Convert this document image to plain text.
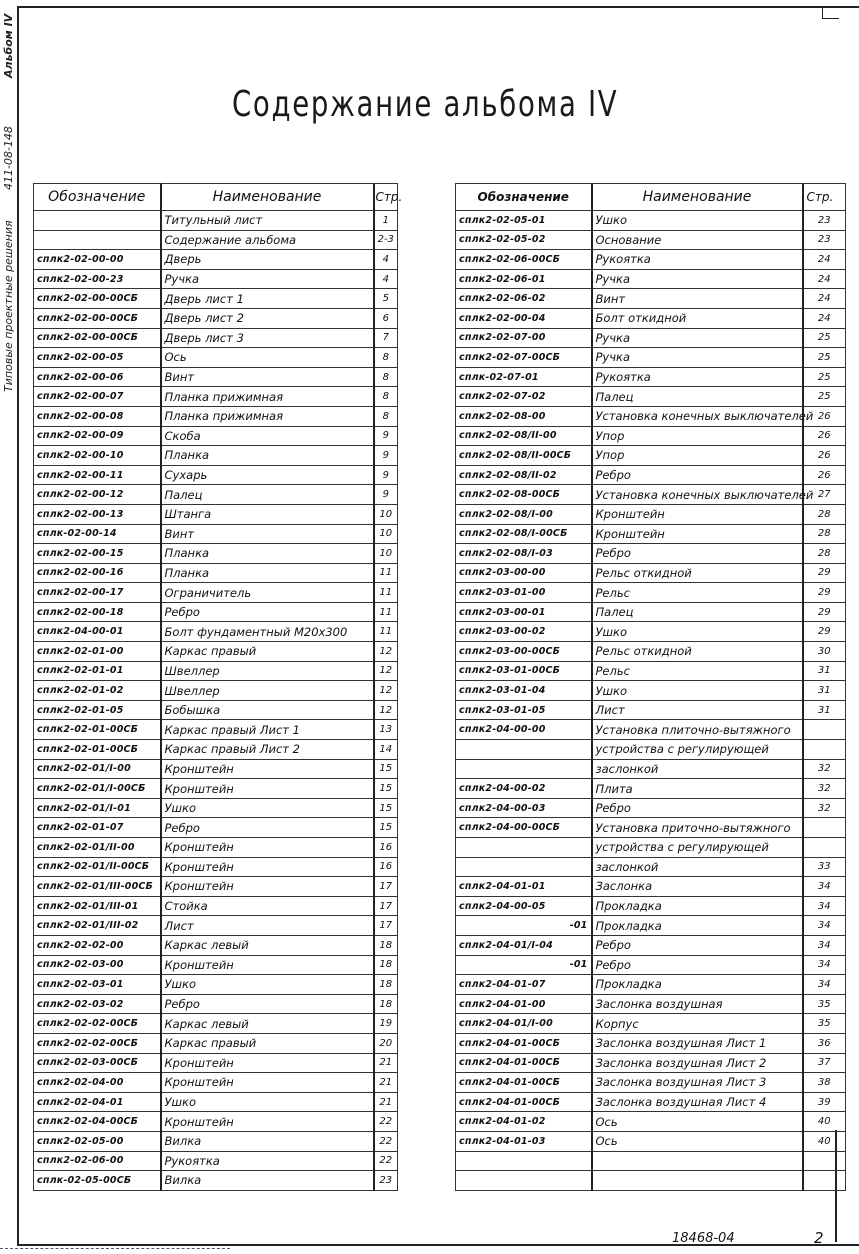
Типовые проектные решения
411-08-148
Альбом IV
Содержание альбома IV
Обозначение	Наименование	Стр.
	Титульный лист	1
	Содержание альбома	2-3
сплк2-02-00-00	Дверь	4
сплк2-02-00-23	Ручка	4
сплк2-02-00-00СБ	Дверь лист 1	5
сплк2-02-00-00СБ	Дверь лист 2	6
сплк2-02-00-00СБ	Дверь лист 3	7
сплк2-02-00-05	Ось	8
сплк2-02-00-06	Винт	8
сплк2-02-00-07	Планка прижимная	8
сплк2-02-00-08	Планка прижимная	8
сплк2-02-00-09	Скоба	9
сплк2-02-00-10	Планка	9
сплк2-02-00-11	Сухарь	9
сплк2-02-00-12	Палец	9
сплк2-02-00-13	Штанга	10
сплк-02-00-14	Винт	10
сплк2-02-00-15	Планка	10
сплк2-02-00-16	Планка	11
сплк2-02-00-17	Ограничитель	11
сплк2-02-00-18	Ребро	11
сплк2-04-00-01	Болт фундаментный М20х300	11
сплк2-02-01-00	Каркас правый	12
сплк2-02-01-01	Швеллер	12
сплк2-02-01-02	Швеллер	12
сплк2-02-01-05	Бобышка	12
сплк2-02-01-00СБ	Каркас правый Лист 1	13
сплк2-02-01-00СБ	Каркас правый Лист 2	14
сплк2-02-01/I-00	Кронштейн	15
сплк2-02-01/I-00СБ	Кронштейн	15
сплк2-02-01/I-01	Ушко	15
сплк2-02-01-07	Ребро	15
сплк2-02-01/II-00	Кронштейн	16
сплк2-02-01/II-00СБ	Кронштейн	16
сплк2-02-01/III-00СБ	Кронштейн	17
сплк2-02-01/III-01	Стойка	17
сплк2-02-01/III-02	Лист	17
сплк2-02-02-00	Каркас левый	18
сплк2-02-03-00	Кронштейн	18
сплк2-02-03-01	Ушко	18
сплк2-02-03-02	Ребро	18
сплк2-02-02-00СБ	Каркас левый	19
сплк2-02-02-00СБ	Каркас правый	20
сплк2-02-03-00СБ	Кронштейн	21
сплк2-02-04-00	Кронштейн	21
сплк2-02-04-01	Ушко	21
сплк2-02-04-00СБ	Кронштейн	22
сплк2-02-05-00	Вилка	22
сплк2-02-06-00	Рукоятка	22
сплк-02-05-00СБ	Вилка	23
Обозначение	Наименование	Стр.
сплк2-02-05-01	Ушко	23
сплк2-02-05-02	Основание	23
сплк2-02-06-00СБ	Рукоятка	24
сплк2-02-06-01	Ручка	24
сплк2-02-06-02	Винт	24
сплк2-02-00-04	Болт откидной	24
сплк2-02-07-00	Ручка	25
сплк2-02-07-00СБ	Ручка	25
сплк-02-07-01	Рукоятка	25
сплк2-02-07-02	Палец	25
сплк2-02-08-00	Установка конечных выключателей	26
сплк2-02-08/II-00	Упор	26
сплк2-02-08/II-00СБ	Упор	26
сплк2-02-08/II-02	Ребро	26
сплк2-02-08-00СБ	Установка конечных выключателей	27
сплк2-02-08/I-00	Кронштейн	28
сплк2-02-08/I-00СБ	Кронштейн	28
сплк2-02-08/I-03	Ребро	28
сплк2-03-00-00	Рельс откидной	29
сплк2-03-01-00	Рельс	29
сплк2-03-00-01	Палец	29
сплк2-03-00-02	Ушко	29
сплк2-03-00-00СБ	Рельс откидной	30
сплк2-03-01-00СБ	Рельс	31
сплк2-03-01-04	Ушко	31
сплк2-03-01-05	Лист	31
сплк2-04-00-00	Установка плиточно-вытяжного	
	устройства с регулирующей	
	заслонкой	32
сплк2-04-00-02	Плита	32
сплк2-04-00-03	Ребро	32
сплк2-04-00-00СБ	Установка приточно-вытяжного	
	устройства с регулирующей	
	заслонкой	33
сплк2-04-01-01	Заслонка	34
сплк2-04-00-05	Прокладка	34
-01	Прокладка	34
сплк2-04-01/I-04	Ребро	34
-01	Ребро	34
сплк2-04-01-07	Прокладка	34
сплк2-04-01-00	Заслонка воздушная	35
сплк2-04-01/I-00	Корпус	35
сплк2-04-01-00СБ	Заслонка воздушная Лист 1	36
сплк2-04-01-00СБ	Заслонка воздушная Лист 2	37
сплк2-04-01-00СБ	Заслонка воздушная Лист 3	38
сплк2-04-01-00СБ	Заслонка воздушная Лист 4	39
сплк2-04-01-02	Ось	40
сплк2-04-01-03	Ось	40

18468-04	2
